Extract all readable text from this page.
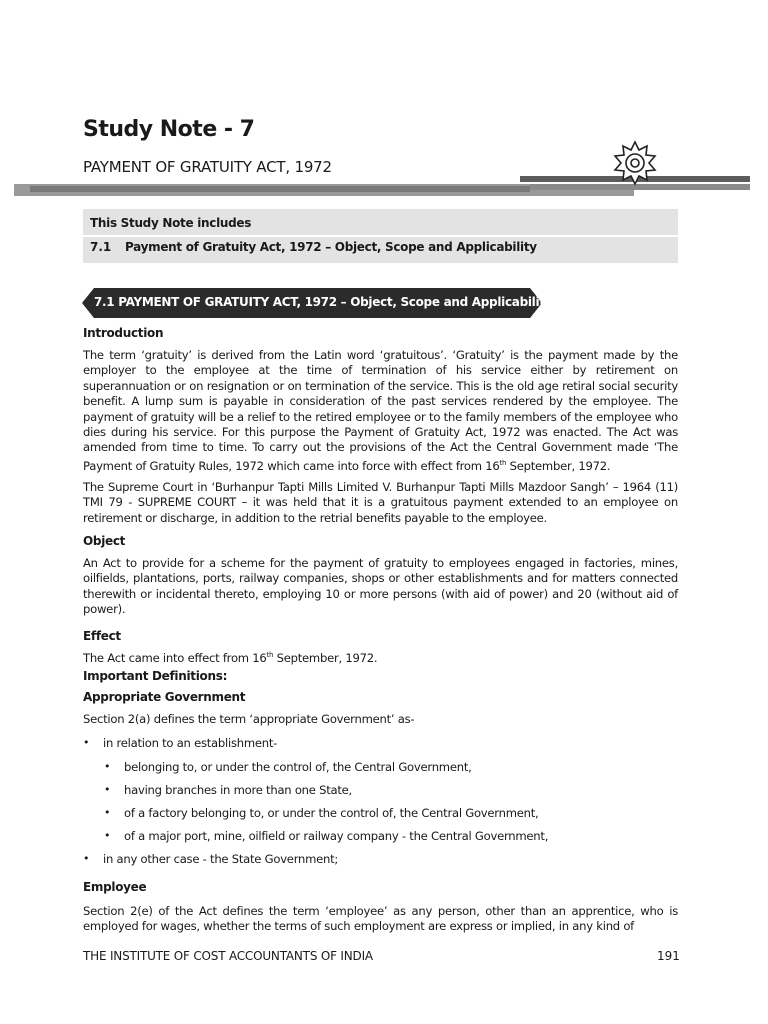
Study Note - 7
PAYMENT OF GRATUITY ACT, 1972
This Study Note includes
7.1 Payment of Gratuity Act, 1972 – Object, Scope and Applicability
7.1 PAYMENT OF GRATUITY ACT, 1972 – Object, Scope and Applicability
Introduction
The term ‘gratuity’ is derived from the Latin word ‘gratuitous’. ‘Gratuity’ is the payment made by the employer to the employee at the time of termination of his service either by retirement on superannuation or on resignation or on termination of the service. This is the old age retiral social security benefit. A lump sum is payable in consideration of the past services rendered by the employee. The payment of gratuity will be a relief to the retired employee or to the family members of the employee who dies during his service. For this purpose the Payment of Gratuity Act, 1972 was enacted. The Act was amended from time to time. To carry out the provisions of the Act the Central Government made ‘The Payment of Gratuity Rules, 1972 which came into force with effect from 16th September, 1972.
The Supreme Court in ‘Burhanpur Tapti Mills Limited V. Burhanpur Tapti Mills Mazdoor Sangh’ – 1964 (11) TMI 79 - SUPREME COURT – it was held that it is a gratuitous payment extended to an employee on retirement or discharge, in addition to the retrial benefits payable to the employee.
Object
An Act to provide for a scheme for the payment of gratuity to employees engaged in factories, mines, oilfields, plantations, ports, railway companies, shops or other establishments and for matters connected therewith or incidental thereto, employing 10 or more persons (with aid of power) and 20 (without aid of power).
Effect
The Act came into effect from 16th September, 1972.
Important Definitions:
Appropriate Government
Section 2(a) defines the term ‘appropriate Government’ as-
• in relation to an establishment-
• belonging to, or under the control of, the Central Government,
• having branches in more than one State,
• of a factory belonging to, or under the control of, the Central Government,
• of a major port, mine, oilfield or railway company - the Central Government,
• in any other case - the State Government;
Employee
Section 2(e) of the Act defines the term ‘employee’ as any person, other than an apprentice, who is employed for wages, whether the terms of such employment are express or implied, in any kind of
THE INSTITUTE OF COST ACCOUNTANTS OF INDIA	191
